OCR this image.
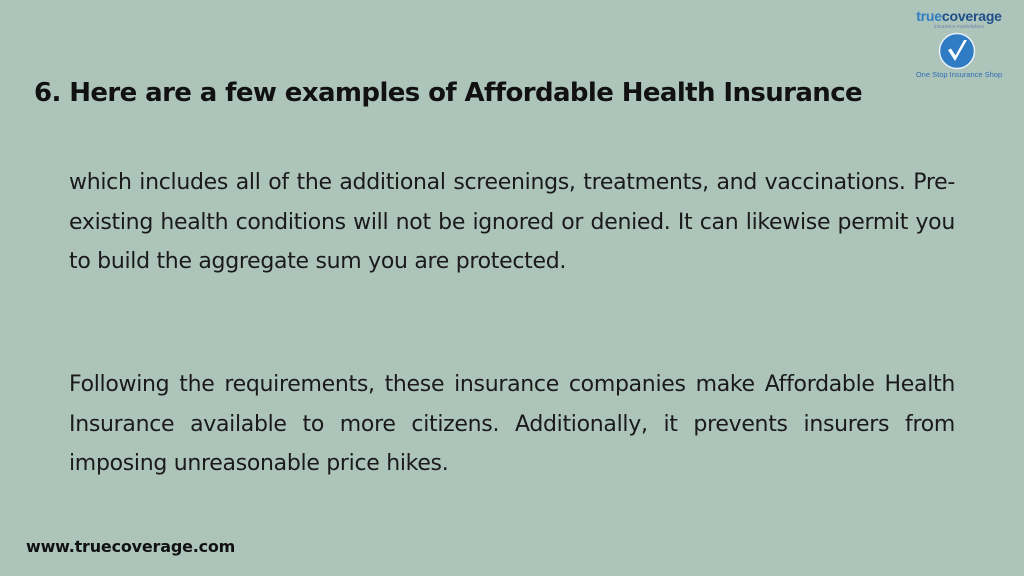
truecoverage
insurance marketplace
One Stop Insurance Shop
6. Here are a few examples of Affordable Health Insurance

which includes all of the additional screenings, treatments, and vaccinations. Pre-existing health conditions will not be ignored or denied. It can likewise permit you to build the aggregate sum you are protected.

Following the requirements, these insurance companies make Affordable Health Insurance available to more citizens. Additionally, it prevents insurers from imposing unreasonable price hikes.

www.truecoverage.com
